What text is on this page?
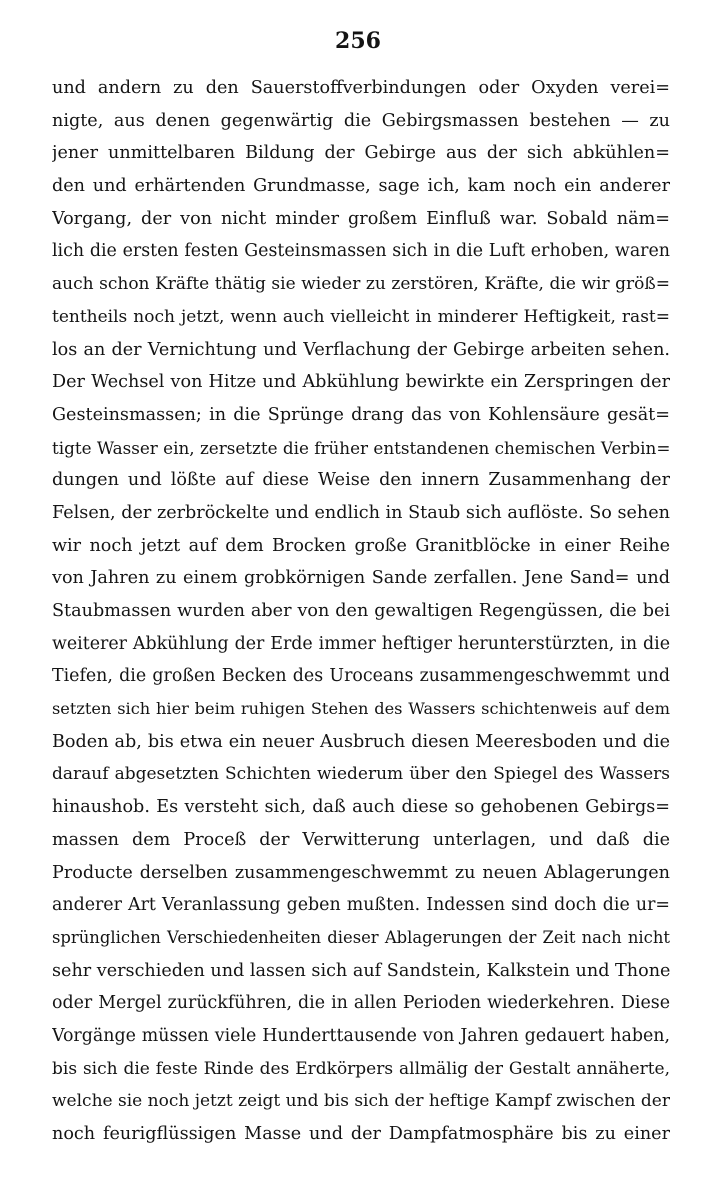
256
und andern zu den Sauerstoffverbindungen oder Oxyden verei=
nigte, aus denen gegenwärtig die Gebirgsmassen bestehen — zu
jener unmittelbaren Bildung der Gebirge aus der sich abkühlen=
den und erhärtenden Grundmasse, sage ich, kam noch ein anderer
Vorgang, der von nicht minder großem Einfluß war. Sobald näm=
lich die ersten festen Gesteinsmassen sich in die Luft erhoben, waren
auch schon Kräfte thätig sie wieder zu zerstören, Kräfte, die wir größ=
tentheils noch jetzt, wenn auch vielleicht in minderer Heftigkeit, rast=
los an der Vernichtung und Verflachung der Gebirge arbeiten sehen.
Der Wechsel von Hitze und Abkühlung bewirkte ein Zerspringen der
Gesteinsmassen; in die Sprünge drang das von Kohlensäure gesät=
tigte Wasser ein, zersetzte die früher entstandenen chemischen Verbin=
dungen und lößte auf diese Weise den innern Zusammenhang der
Felsen, der zerbröckelte und endlich in Staub sich auflöste. So sehen
wir noch jetzt auf dem Brocken große Granitblöcke in einer Reihe
von Jahren zu einem grobkörnigen Sande zerfallen. Jene Sand= und
Staubmassen wurden aber von den gewaltigen Regengüssen, die bei
weiterer Abkühlung der Erde immer heftiger herunterstürzten, in die
Tiefen, die großen Becken des Uroceans zusammengeschwemmt und
setzten sich hier beim ruhigen Stehen des Wassers schichtenweis auf dem
Boden ab, bis etwa ein neuer Ausbruch diesen Meeresboden und die
darauf abgesetzten Schichten wiederum über den Spiegel des Wassers
hinaushob. Es versteht sich, daß auch diese so gehobenen Gebirgs=
massen dem Proceß der Verwitterung unterlagen, und daß die
Producte derselben zusammengeschwemmt zu neuen Ablagerungen
anderer Art Veranlassung geben mußten. Indessen sind doch die ur=
sprünglichen Verschiedenheiten dieser Ablagerungen der Zeit nach nicht
sehr verschieden und lassen sich auf Sandstein, Kalkstein und Thone
oder Mergel zurückführen, die in allen Perioden wiederkehren. Diese
Vorgänge müssen viele Hunderttausende von Jahren gedauert haben,
bis sich die feste Rinde des Erdkörpers allmälig der Gestalt annäherte,
welche sie noch jetzt zeigt und bis sich der heftige Kampf zwischen der
noch feurigflüssigen Masse und der Dampfatmosphäre bis zu einer
